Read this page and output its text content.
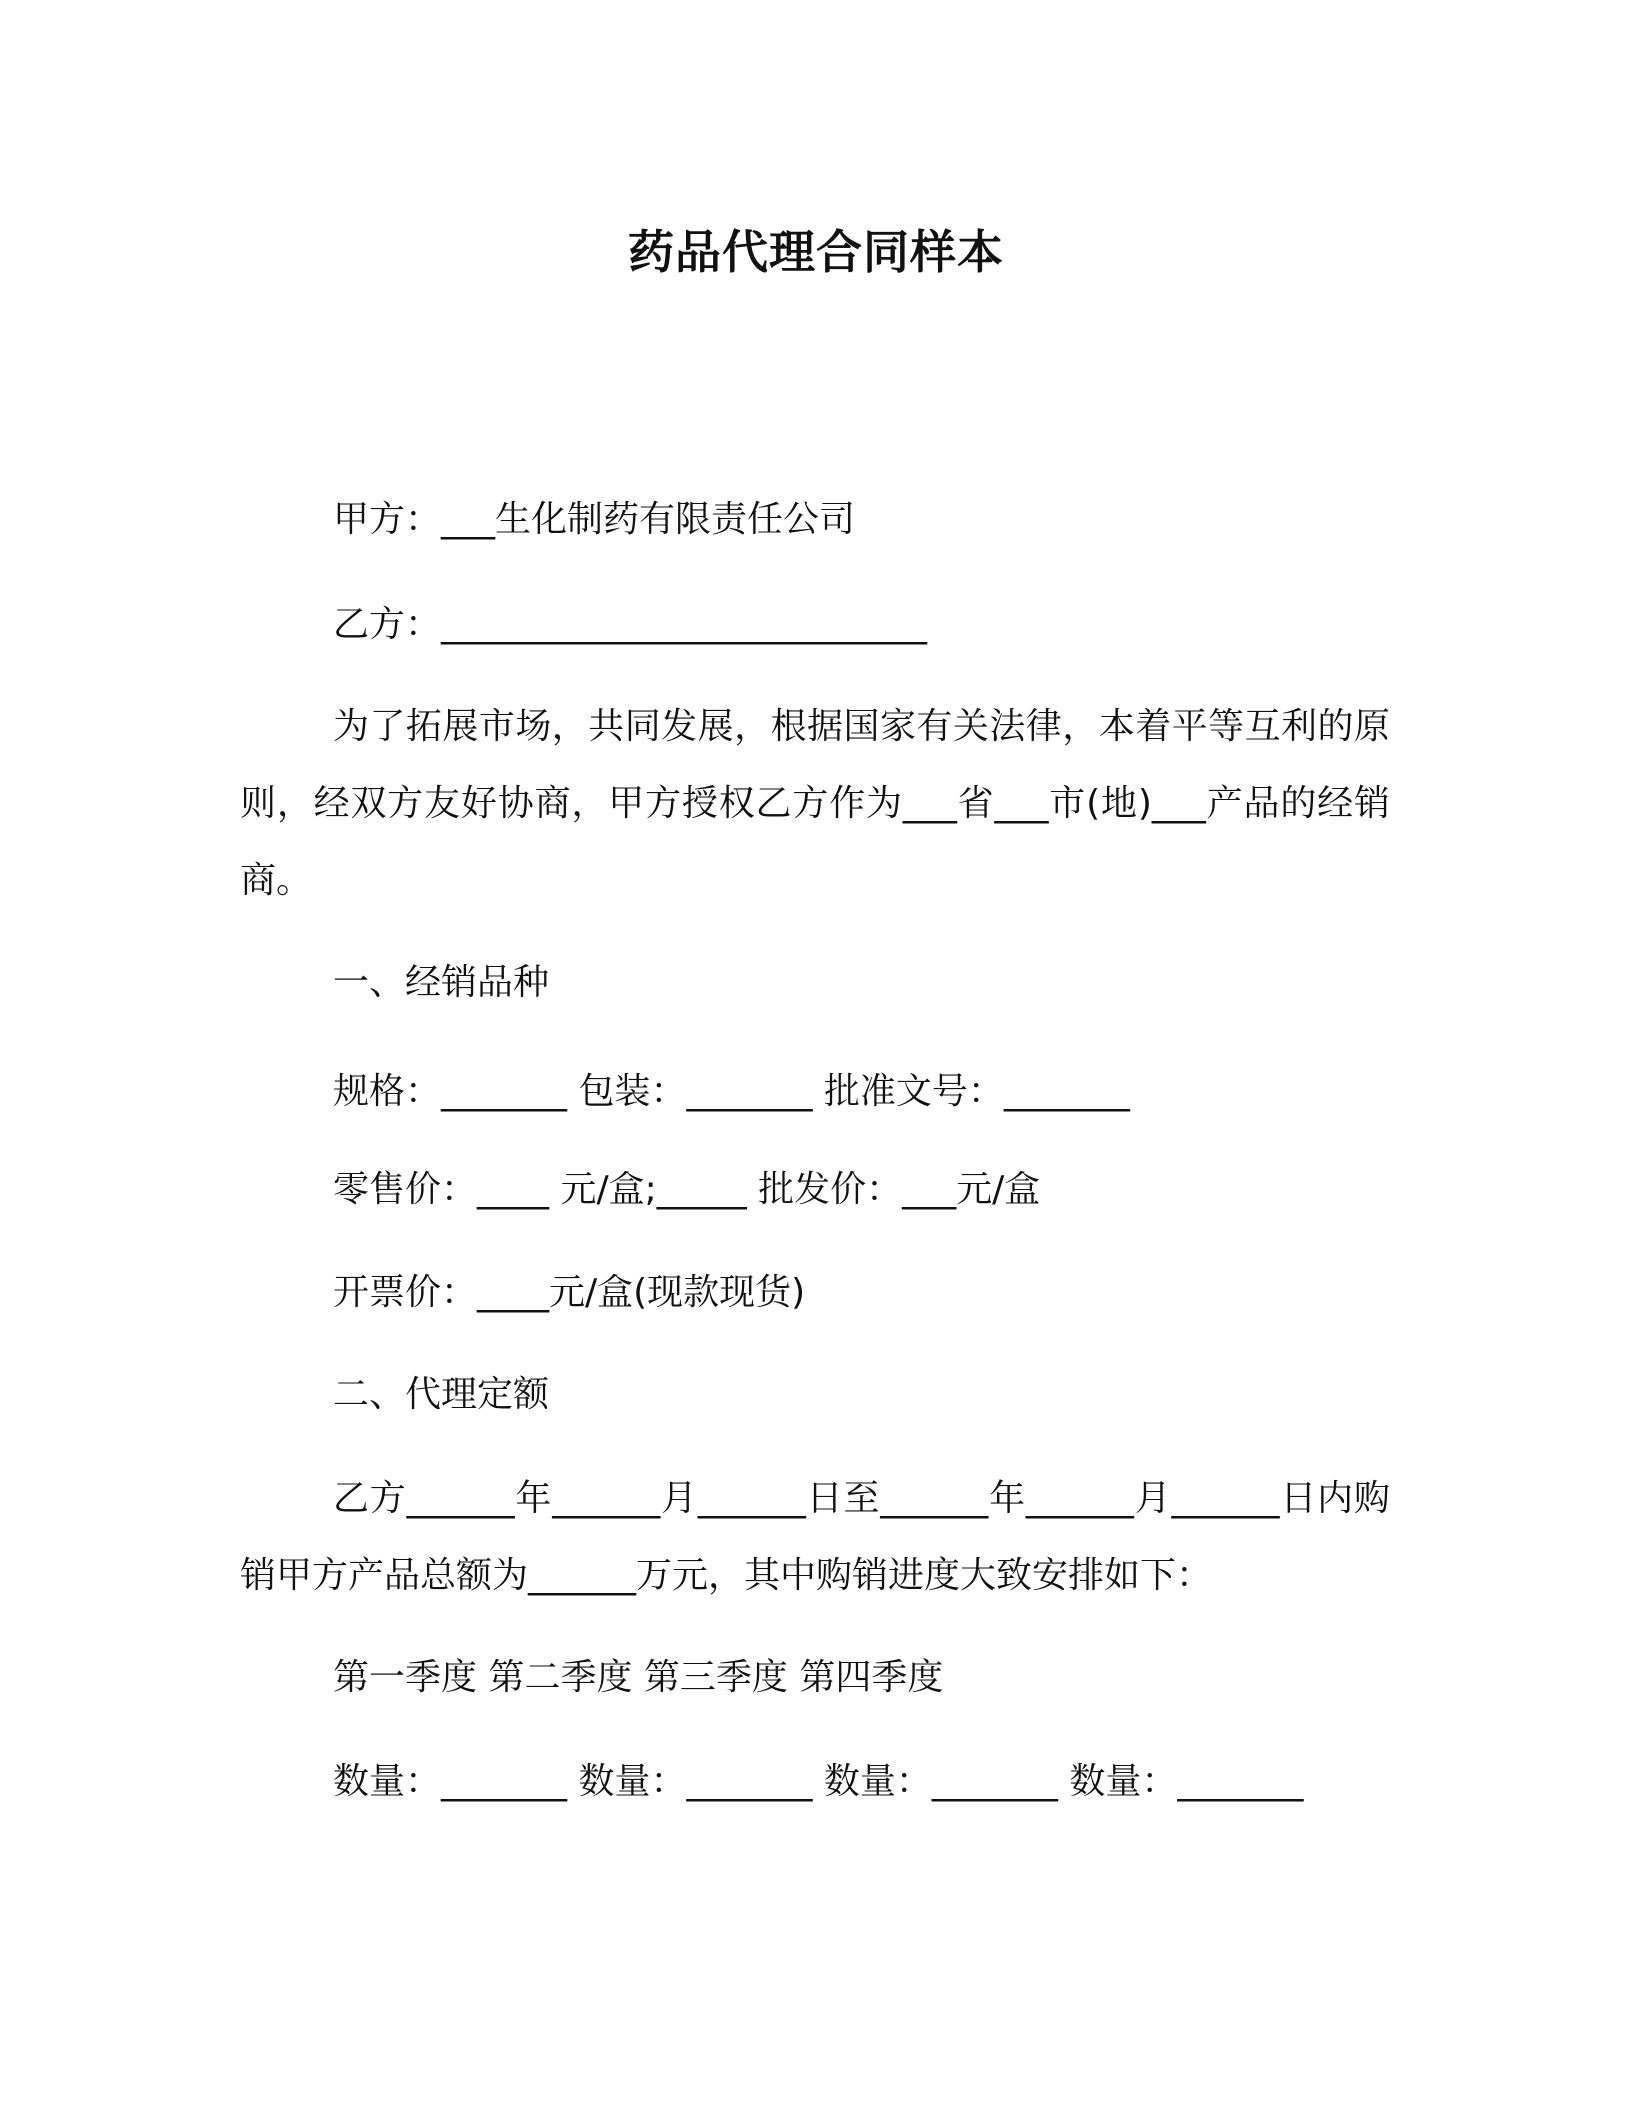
药品代理合同样本
甲方：___生化制药有限责任公司
乙方：___________________________
为了拓展市场，共同发展，根据国家有关法律，本着平等互利的原则，经双方友好协商，甲方授权乙方作为___省___市(地)___产品的经销商。
一、经销品种
规格：_______ 包装：_______ 批准文号：_______
零售价：____ 元/盒;_____ 批发价：___元/盒
开票价：____元/盒(现款现货)
二、代理定额
乙方______年______月______日至______年______月______日内购销甲方产品总额为______万元，其中购销进度大致安排如下：
第一季度 第二季度 第三季度 第四季度
数量：_______ 数量：_______ 数量：_______ 数量：_______
